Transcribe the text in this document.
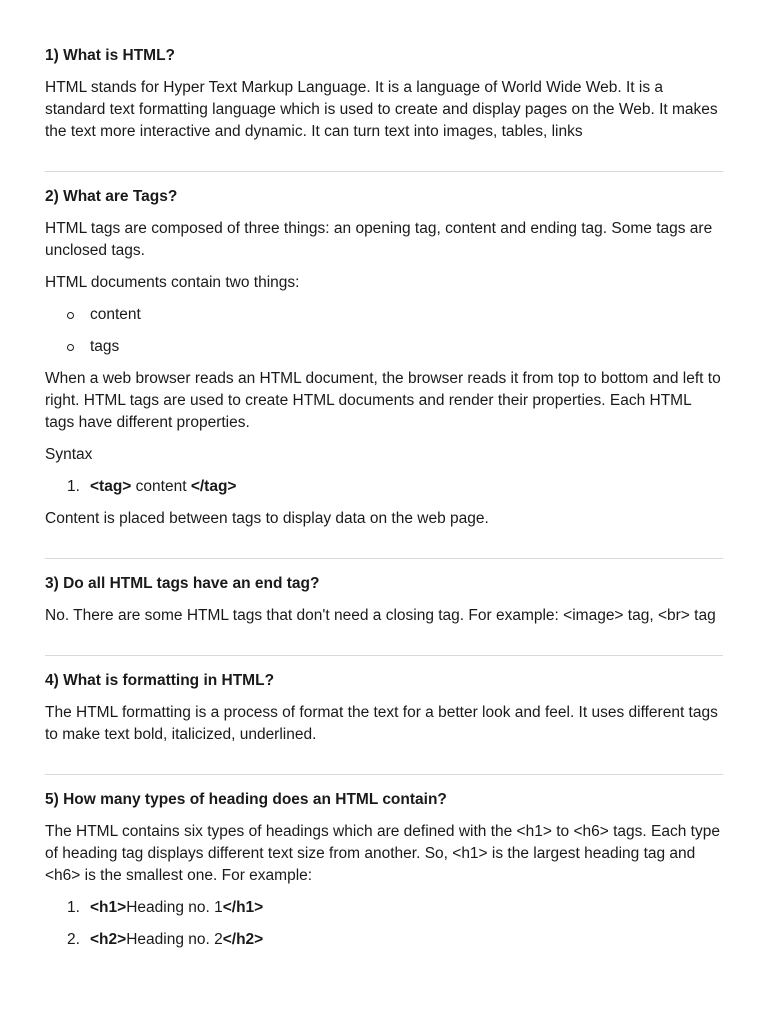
1) What is HTML?
HTML stands for Hyper Text Markup Language. It is a language of World Wide Web. It is a standard text formatting language which is used to create and display pages on the Web. It makes the text more interactive and dynamic. It can turn text into images, tables, links
2) What are Tags?
HTML tags are composed of three things: an opening tag, content and ending tag. Some tags are unclosed tags.
HTML documents contain two things:
content
tags
When a web browser reads an HTML document, the browser reads it from top to bottom and left to right. HTML tags are used to create HTML documents and render their properties. Each HTML tags have different properties.
Syntax
1. <tag> content </tag>
Content is placed between tags to display data on the web page.
3) Do all HTML tags have an end tag?
No. There are some HTML tags that don't need a closing tag. For example: <image> tag, <br> tag
4) What is formatting in HTML?
The HTML formatting is a process of format the text for a better look and feel. It uses different tags to make text bold, italicized, underlined.
5) How many types of heading does an HTML contain?
The HTML contains six types of headings which are defined with the <h1> to <h6> tags. Each type of heading tag displays different text size from another. So, <h1> is the largest heading tag and <h6> is the smallest one. For example:
1. <h1>Heading no. 1</h1>
2. <h2>Heading no. 2</h2>
